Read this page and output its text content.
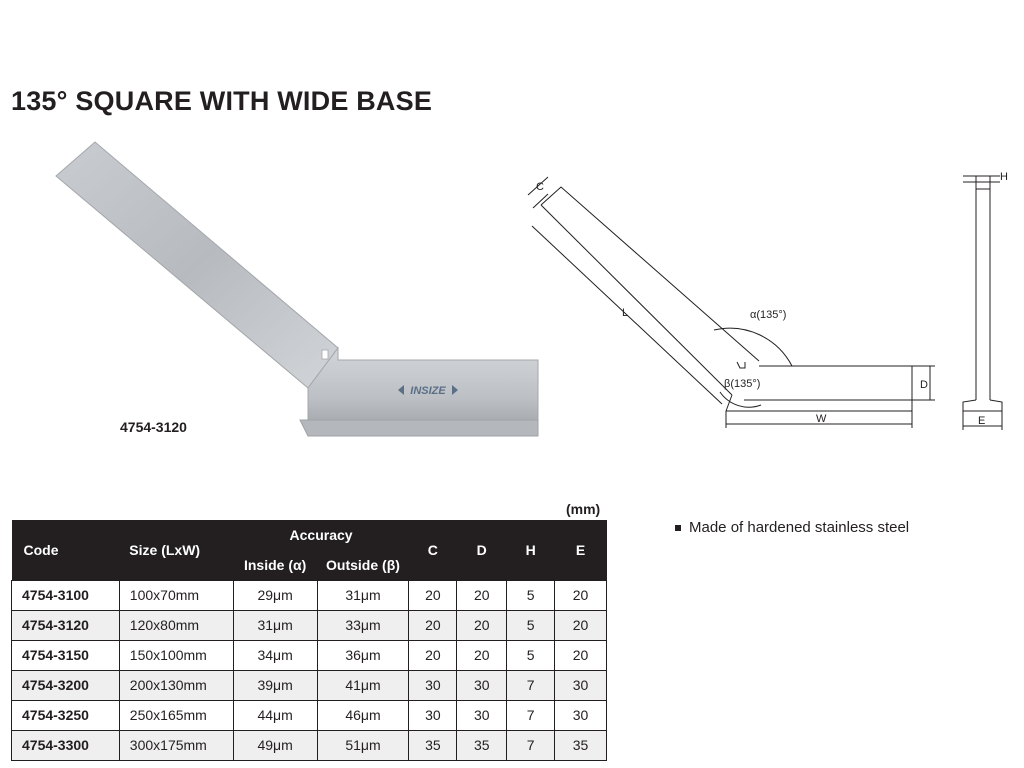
135° SQUARE WITH WIDE BASE
INSIZE
4754-3120
C
L	α(135°)
β(135°)	D
W
H
E
(mm)
Made of hardened stainless steel
Code	Size (LxW)	Accuracy		C	D	H	E
		Inside (α)	Outside (β)				
4754-3100	100x70mm	29μm	31μm	20	20	5	20
4754-3120	120x80mm	31μm	33μm	20	20	5	20
4754-3150	150x100mm	34μm	36μm	20	20	5	20
4754-3200	200x130mm	39μm	41μm	30	30	7	30
4754-3250	250x165mm	44μm	46μm	30	30	7	30
4754-3300	300x175mm	49μm	51μm	35	35	7	35
